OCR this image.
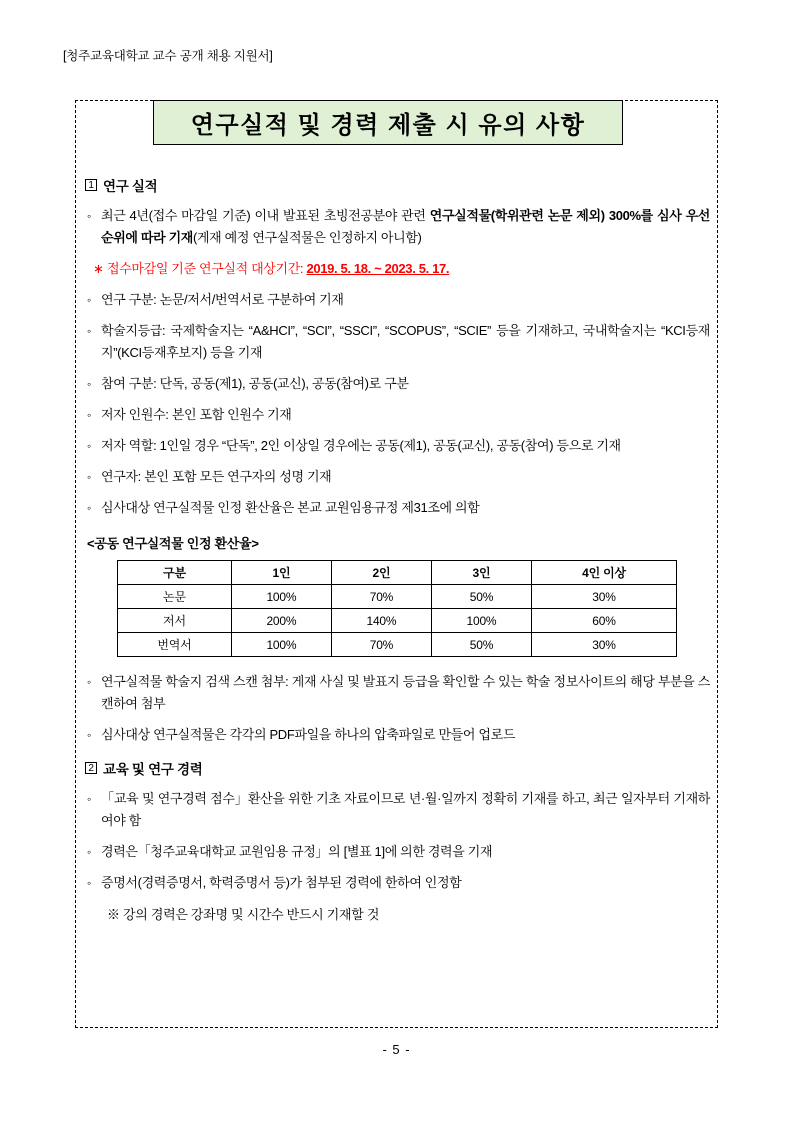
[청주교육대학교 교수 공개 채용 지원서]
연구실적 및 경력 제출 시 유의 사항
1 연구 실적
◦ 최근 4년(접수 마감일 기준) 이내 발표된 초빙전공분야 관련 연구실적물(학위관련 논문 제외) 300%를 심사 우선순위에 따라 기재(게재 예정 연구실적물은 인정하지 아니함)
∗ 접수마감일 기준 연구실적 대상기간: 2019. 5. 18. ~ 2023. 5. 17.
◦ 연구 구분: 논문/저서/번역서로 구분하여 기재
◦ 학술지등급: 국제학술지는 “A&HCI”, “SCI”, “SSCI”, “SCOPUS”, “SCIE” 등을 기재하고, 국내학술지는 “KCI등재지”(KCI등재후보지) 등을 기재
◦ 참여 구분: 단독, 공동(제1), 공동(교신), 공동(참여)로 구분
◦ 저자 인원수: 본인 포함 인원수 기재
◦ 저자 역할: 1인일 경우 “단독”, 2인 이상일 경우에는 공동(제1), 공동(교신), 공동(참여) 등으로 기재
◦ 연구자: 본인 포함 모든 연구자의 성명 기재
◦ 심사대상 연구실적물 인정 환산율은 본교 교원임용규정 제31조에 의함
<공동 연구실적물 인정 환산율>
구분	1인	2인	3인	4인 이상
논문	100%	70%	50%	30%
저서	200%	140%	100%	60%
번역서	100%	70%	50%	30%
◦ 연구실적물 학술지 검색 스캔 첨부: 게재 사실 및 발표지 등급을 확인할 수 있는 학술 정보사이트의 해당 부분을 스캔하여 첨부
◦ 심사대상 연구실적물은 각각의 PDF파일을 하나의 압축파일로 만들어 업로드
2 교육 및 연구 경력
◦ 「교육 및 연구경력 점수」환산을 위한 기초 자료이므로 년·월·일까지 정확히 기재를 하고, 최근 일자부터 기재하여야 함
◦ 경력은「청주교육대학교 교원임용 규정」의 [별표 1]에 의한 경력을 기재
◦ 증명서(경력증명서, 학력증명서 등)가 첨부된 경력에 한하여 인정함
※ 강의 경력은 강좌명 및 시간수 반드시 기재할 것
- 5 -
